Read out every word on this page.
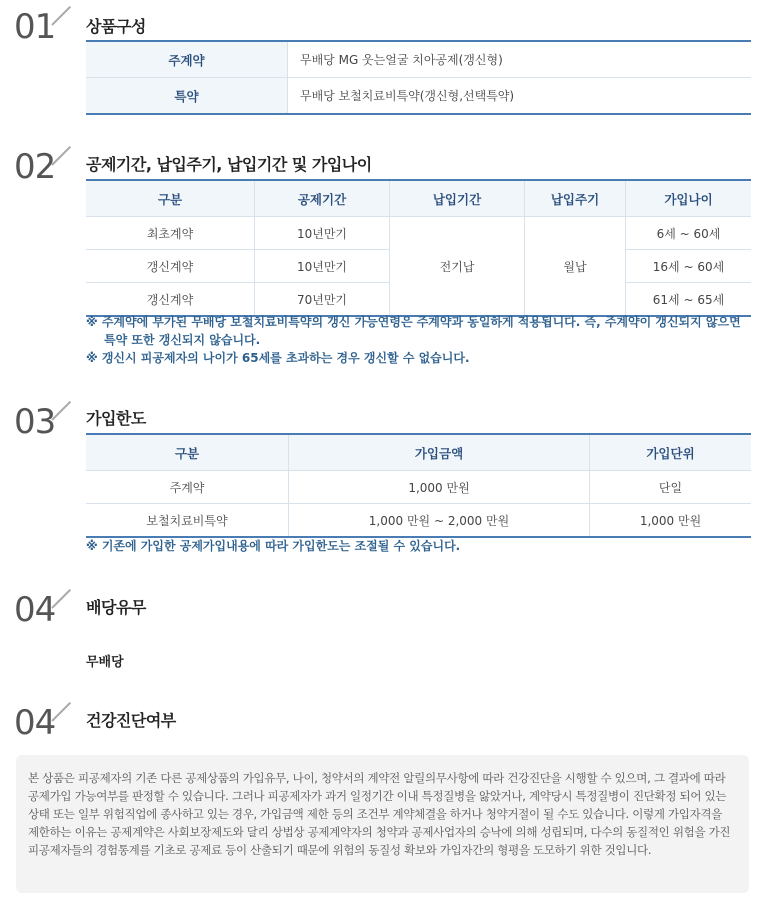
01 상품구성
주계약	무배당 MG 웃는얼굴 치아공제(갱신형)
특약	무배당 보철치료비특약(갱신형,선택특약)
02 공제기간, 납입주기, 납입기간 및 가입나이
구분	공제기간	납입기간	납입주기	가입나이
최초계약	10년만기	전기납	월납	6세 ~ 60세
갱신계약	10년만기			16세 ~ 60세
갱신계약	70년만기			61세 ~ 65세

※ 주계약에 부가된 무배당 보철치료비특약의 갱신 가능연령은 주계약과 동일하게 적용됩니다. 즉, 주계약이 갱신되지 않으면 특약 또한 갱신되지 않습니다.

※ 갱신시 피공제자의 나이가 65세를 초과하는 경우 갱신할 수 없습니다.

03 가입한도
구분	가입금액	가입단위
주계약	1,000 만원	단일
보철치료비특약	1,000 만원 ~ 2,000 만원	1,000 만원

※ 기존에 가입한 공제가입내용에 따라 가입한도는 조절될 수 있습니다.

04 배당유무
무배당
04 건강진단여부
본 상품은 피공제자의 기존 다른 공제상품의 가입유무, 나이, 청약서의 계약전 알릴의무사항에 따라 건강진단을 시행할 수 있으며, 그 결과에 따라 공제가입 가능여부를 판정할 수 있습니다. 그러나 피공제자가 과거 일정기간 이내 특정질병을 앓았거나, 계약당시 특정질병이 진단확정 되어 있는 상태 또는 일부 위험직업에 종사하고 있는 경우, 가입금액 제한 등의 조건부 계약체결을 하거나 청약거절이 될 수도 있습니다. 이렇게 가입자격을 제한하는 이유는 공제계약은 사회보장제도와 달리 상법상 공제계약자의 청약과 공제사업자의 승낙에 의해 성립되며, 다수의 동질적인 위험을 가진 피공제자들의 경험통계를 기초로 공제료 등이 산출되기 때문에 위험의 동질성 확보와 가입자간의 형평을 도모하기 위한 것입니다.
